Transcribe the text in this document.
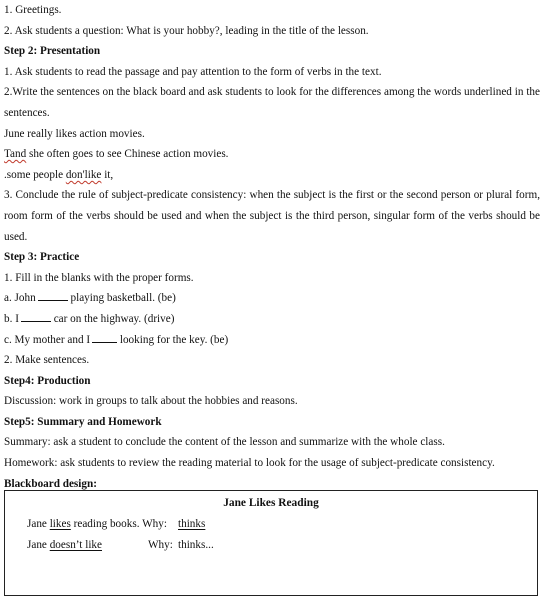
1. Greetings.
2. Ask students a question: What is your hobby?, leading in the title of the lesson.
Step 2: Presentation
1. Ask students to read the passage and pay attention to the form of verbs in the text.
2.Write the sentences on the black board and ask students to look for the differences among the words underlined in the
sentences.
June really likes action movies.
Tand she often goes to see Chinese action movies.
.some people don'like it,
3. Conclude the rule of subject-predicate consistency: when the subject is the first or the second person or plural form,
room form of the verbs should be used and when the subject is the third person, singular form of the verbs should be
used.
Step 3: Practice
1. Fill in the blanks with the proper forms.
a. John	playing basketball. (be)
b. I	car on the highway. (drive)
c. My mother and I looking for the key. (be)
2. Make sentences.
Step4: Production
Discussion: work in groups to talk about the hobbies and reasons.
Step5: Summary and Homework
Summary: ask a student to conclude the content of the lesson and summarize with the whole class.
Homework: ask students to review the reading material to look for the usage of subject-predicate consistency.
Blackboard design:
Jane Likes Reading
Jane likes reading books. Why: thinks
Jane doesn’t like	Why: thinks...
